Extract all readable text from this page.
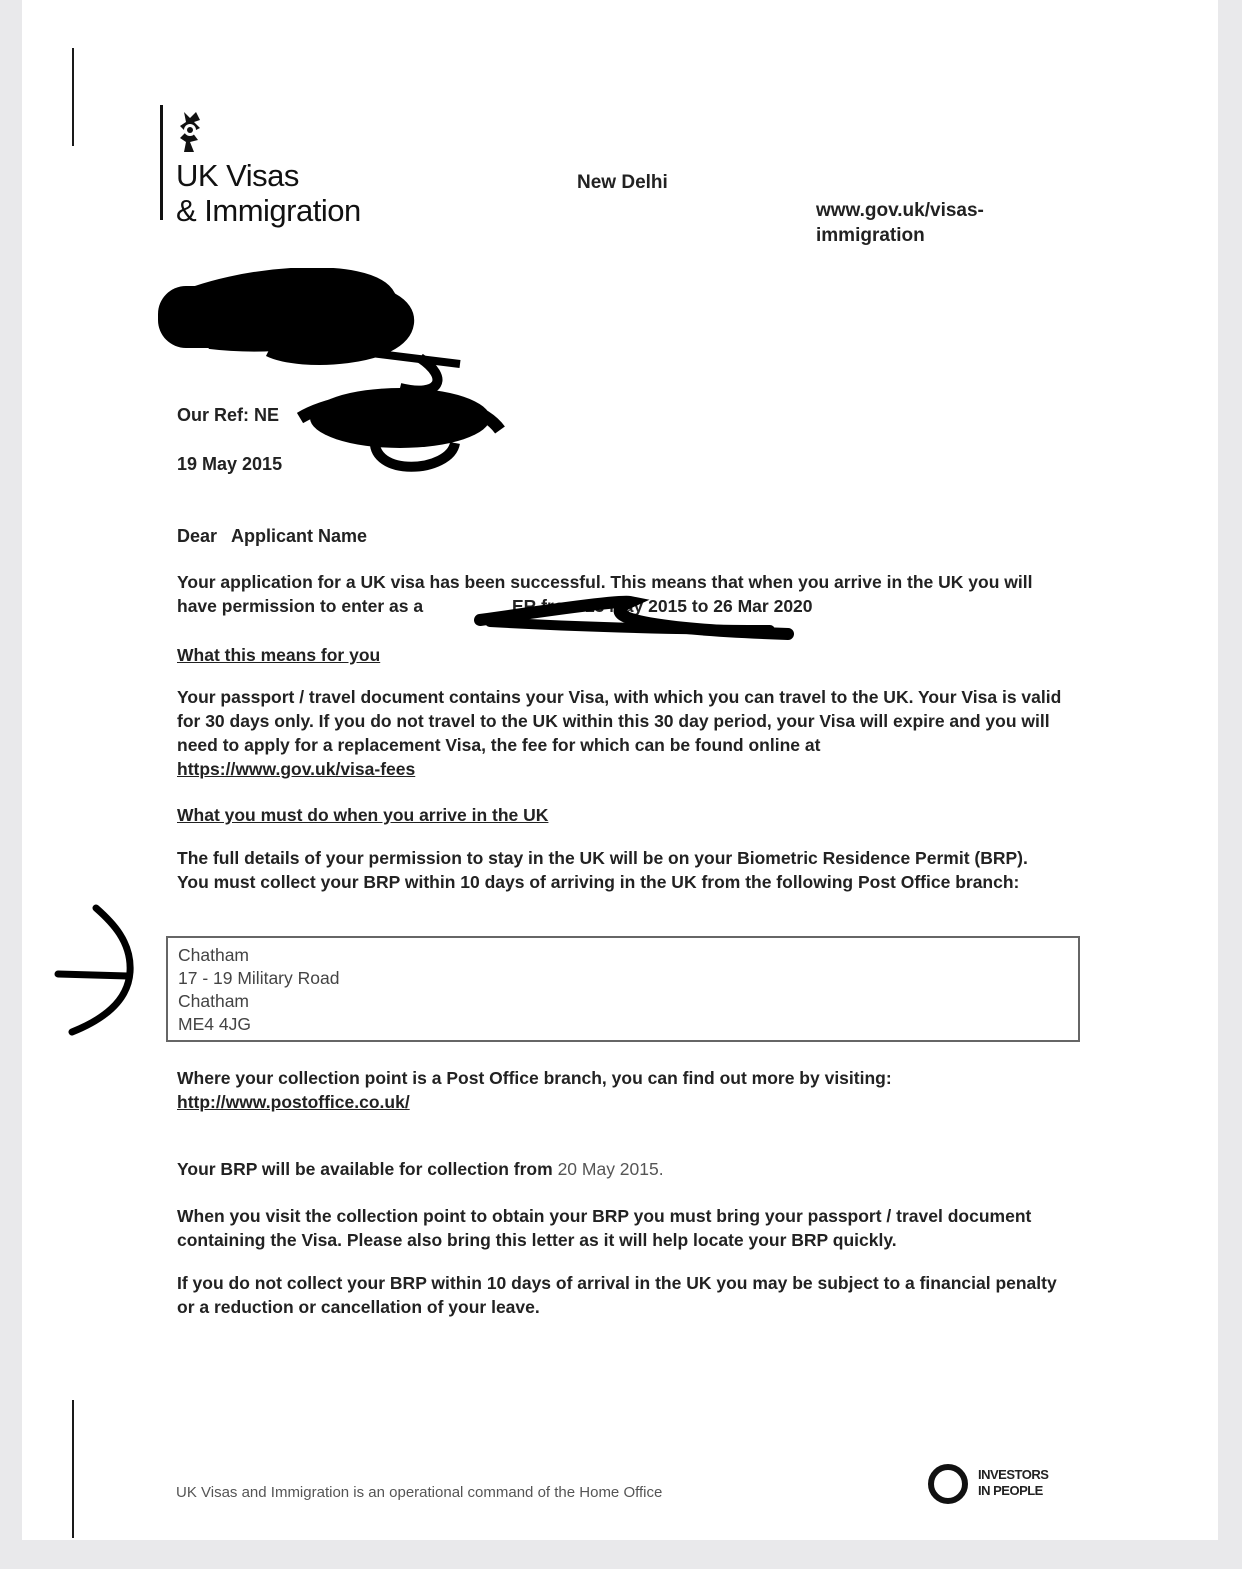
UK Visas
& Immigration
New Delhi
www.gov.uk/visas-immigration
Our Ref: NE
19 May 2015
Dear Applicant Name
Your application for a UK visa has been successful. This means that when you arrive in the UK you will have permission to enter as a	ER from 13 May 2015 to 26 Mar 2020
What this means for you
Your passport / travel document contains your Visa, with which you can travel to the UK. Your Visa is valid for 30 days only. If you do not travel to the UK within this 30 day period, your Visa will expire and you will need to apply for a replacement Visa, the fee for which can be found online at
https://www.gov.uk/visa-fees
What you must do when you arrive in the UK
The full details of your permission to stay in the UK will be on your Biometric Residence Permit (BRP). You must collect your BRP within 10 days of arriving in the UK from the following Post Office branch:
Chatham
17 - 19 Military Road
Chatham
ME4 4JG
Where your collection point is a Post Office branch, you can find out more by visiting:
http://www.postoffice.co.uk/
Your BRP will be available for collection from 20 May 2015.
When you visit the collection point to obtain your BRP you must bring your passport / travel document containing the Visa. Please also bring this letter as it will help locate your BRP quickly.
If you do not collect your BRP within 10 days of arrival in the UK you may be subject to a financial penalty or a reduction or cancellation of your leave.
UK Visas and Immigration is an operational command of the Home Office
INVESTORS
IN PEOPLE
